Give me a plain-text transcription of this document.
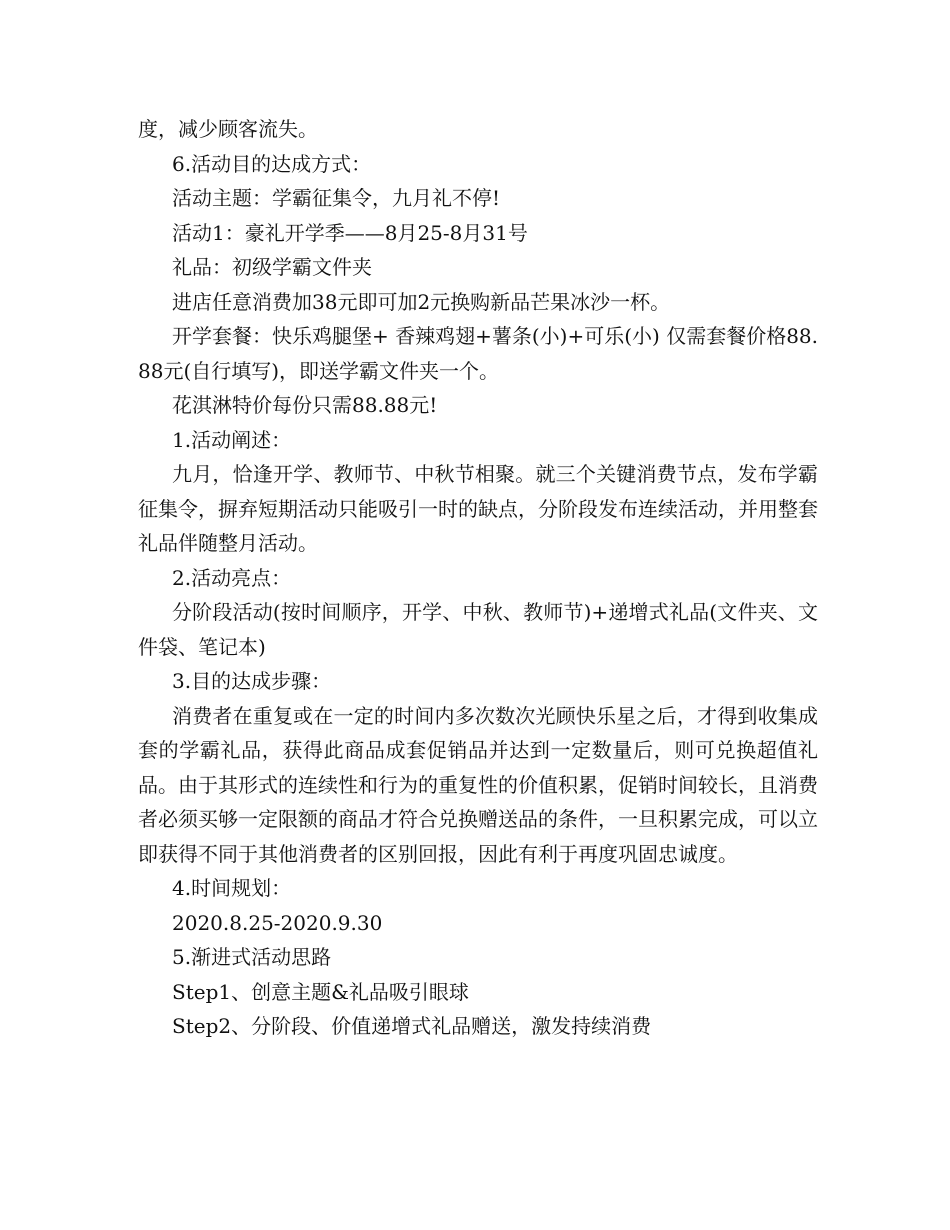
度，减少顾客流失。

6.活动目的达成方式：

活动主题：学霸征集令，九月礼不停!

活动1：豪礼开学季——8月25-8月31号

礼品：初级学霸文件夹

进店任意消费加38元即可加2元换购新品芒果冰沙一杯。

开学套餐：快乐鸡腿堡+ 香辣鸡翅+薯条(小)+可乐(小) 仅需套餐价格88.88元(自行填写)，即送学霸文件夹一个。

花淇淋特价每份只需88.88元!

1.活动阐述：

九月，恰逢开学、教师节、中秋节相聚。就三个关键消费节点，发布学霸征集令，摒弃短期活动只能吸引一时的缺点，分阶段发布连续活动，并用整套礼品伴随整月活动。

2.活动亮点：

分阶段活动(按时间顺序，开学、中秋、教师节)+递增式礼品(文件夹、文件袋、笔记本)

3.目的达成步骤：

消费者在重复或在一定的时间内多次数次光顾快乐星之后，才得到收集成套的学霸礼品，获得此商品成套促销品并达到一定数量后，则可兑换超值礼品。由于其形式的连续性和行为的重复性的价值积累，促销时间较长，且消费者必须买够一定限额的商品才符合兑换赠送品的条件，一旦积累完成，可以立即获得不同于其他消费者的区别回报，因此有利于再度巩固忠诚度。

4.时间规划：

2020.8.25-2020.9.30

5.渐进式活动思路

Step1、创意主题&礼品吸引眼球

Step2、分阶段、价值递增式礼品赠送，激发持续消费
